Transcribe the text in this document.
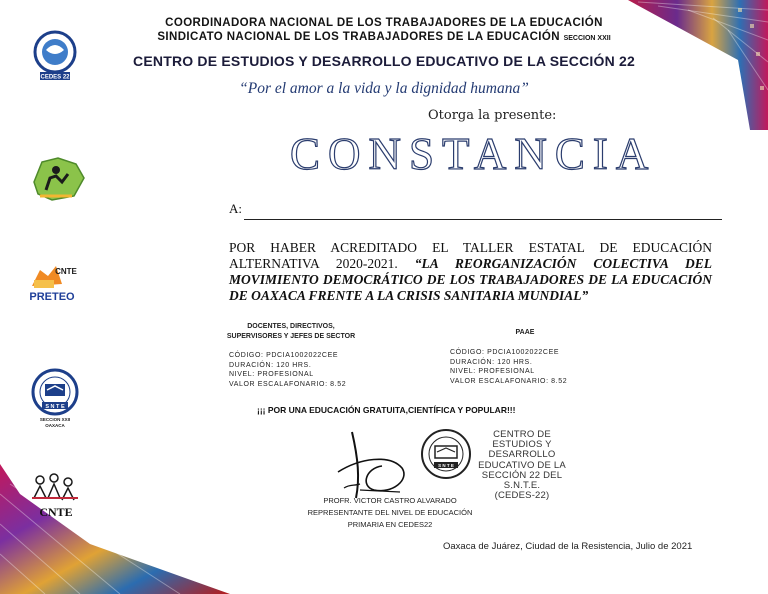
CEDES 22
CNTE
PRETEO
S N T E
SECCION XXII
OAXACA
CNTE
COORDINADORA NACIONAL DE LOS TRABAJADORES DE LA EDUCACIÓN
SINDICATO NACIONAL DE LOS TRABAJADORES DE LA EDUCACIÓN SECCION XXII
CENTRO DE ESTUDIOS Y DESARROLLO EDUCATIVO DE LA SECCIÓN 22
“Por el amor a la vida y la dignidad humana”
Otorga la presente:
CONSTANCIA
A:
POR HABER ACREDITADO EL TALLER ESTATAL DE EDUCACIÓN ALTERNATIVA 2020-2021. “LA REORGANIZACIÓN COLECTIVA DEL MOVIMIENTO DEMOCRÁTICO DE LOS TRABAJADORES DE LA EDUCACIÓN DE OAXACA FRENTE A LA CRISIS SANITARIA MUNDIAL”
DOCENTES, DIRECTIVOS, SUPERVISORES Y JEFES DE SECTOR
CÓDIGO: PDCIA1002022CEE
DURACIÓN: 120 HRS.
NIVEL: PROFESIONAL
VALOR ESCALAFONARIO: 8.52
PAAE
CÓDIGO: PDCIA1002022CEE
DURACIÓN: 120 HRS.
NIVEL: PROFESIONAL
VALOR ESCALAFONARIO: 8.52
¡¡¡ POR UNA EDUCACIÓN GRATUITA,CIENTÍFICA Y POPULAR!!!
PROFR. VICTOR CASTRO ALVARADO
REPRESENTANTE DEL NIVEL DE EDUCACIÓN
PRIMARIA EN CEDES22
S N T E
CENTRO DE
ESTUDIOS Y
DESARROLLO
EDUCATIVO DE LA
SECCIÓN 22 DEL
S.N.T.E.
(CEDES-22)
Oaxaca de Juárez, Ciudad de la Resistencia, Julio de 2021
